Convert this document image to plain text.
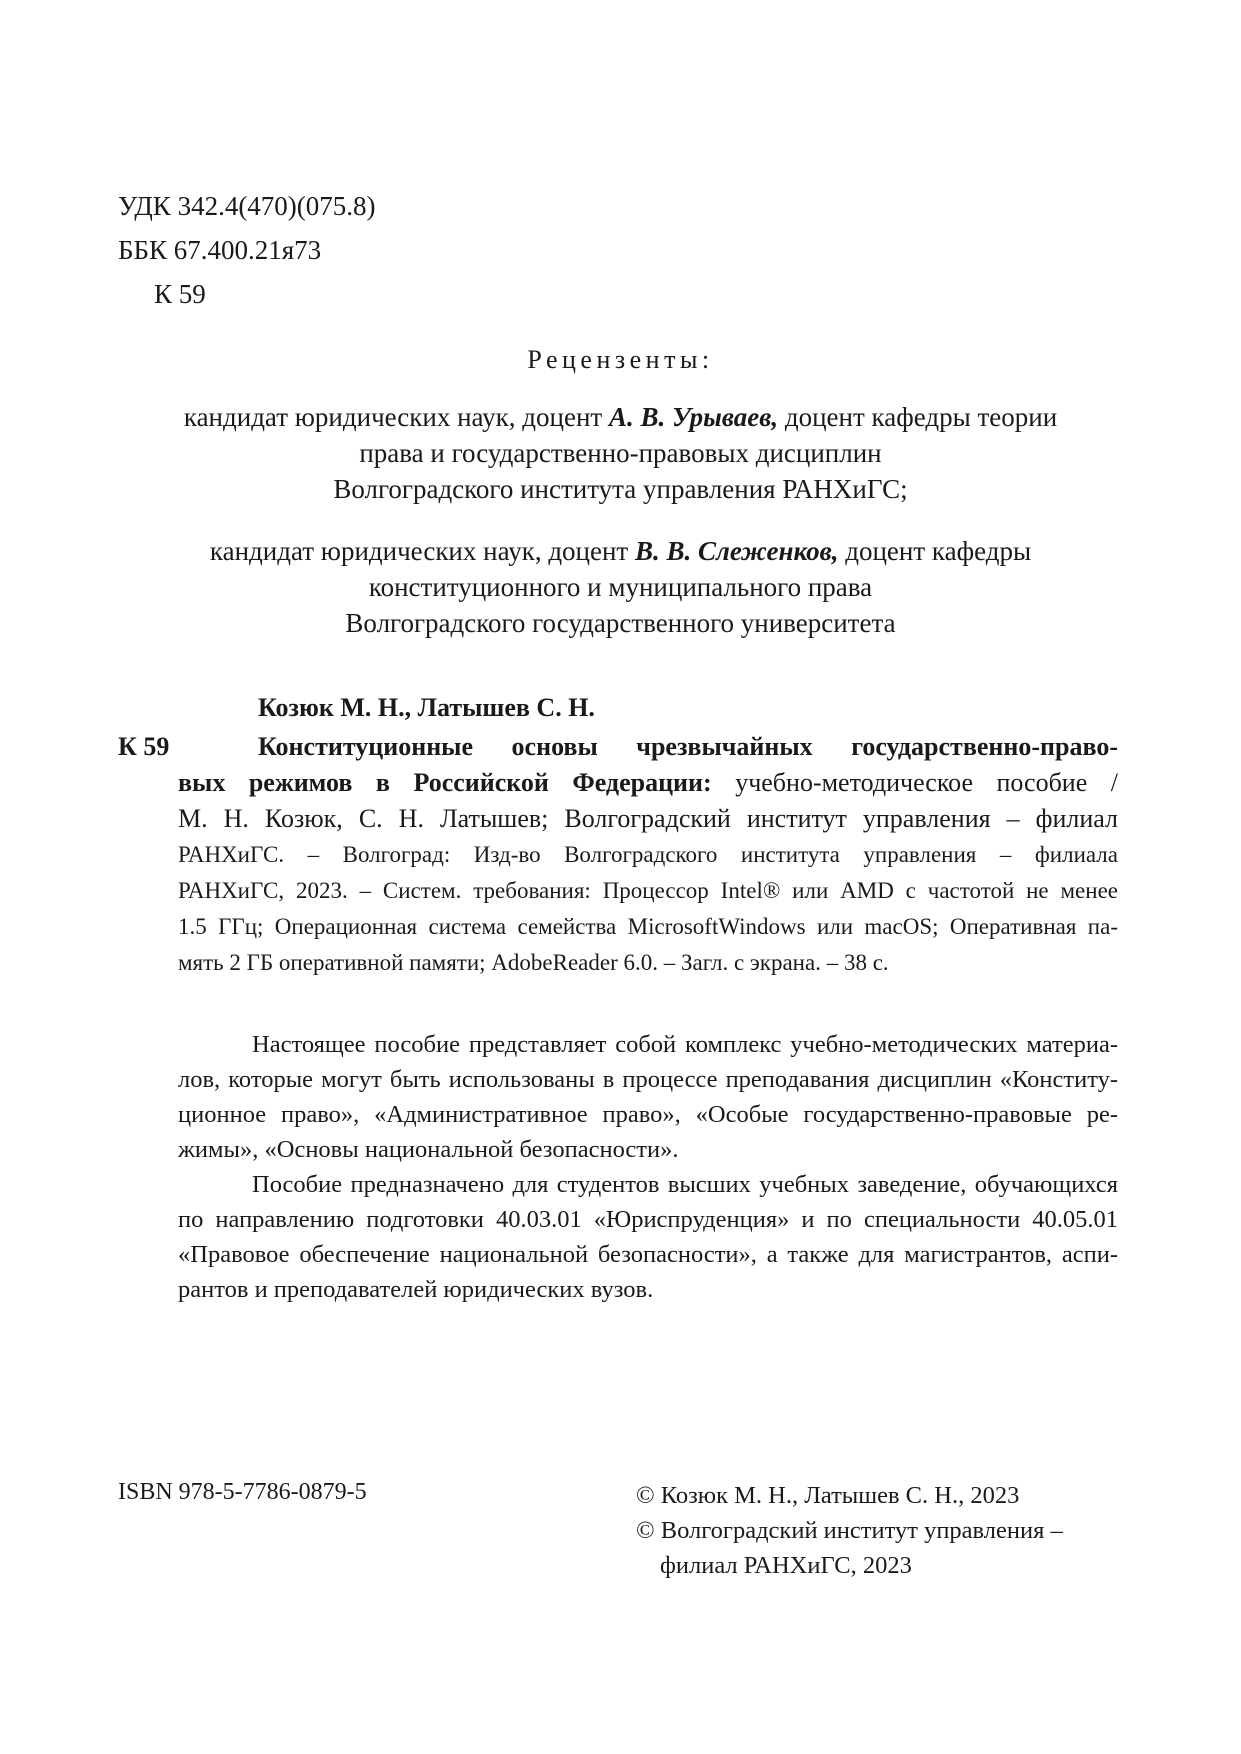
УДК 342.4(470)(075.8)
ББК 67.400.21я73
К 59
Рецензенты:
кандидат юридических наук, доцент А. В. Урываев, доцент кафедры теории
права и государственно-правовых дисциплин
Волгоградского института управления РАНХиГС;
кандидат юридических наук, доцент В. В. Слеженков, доцент кафедры
конституционного и муниципального права
Волгоградского государственного университета
Козюк М. Н., Латышев С. Н.
К 59	Конституционные основы чрезвычайных государственно-право-
вых режимов в Российской Федерации: учебно-методическое пособие /
М. Н. Козюк, С. Н. Латышев; Волгоградский институт управления – филиал
РАНХиГС. – Волгоград: Изд-во Волгоградского института управления – филиала
РАНХиГС, 2023. – Систем. требования: Процессор Intel® или AMD с частотой не менее
1.5 ГГц; Операционная система семейства MicrosoftWindows или macOS; Оперативная па-
мять 2 ГБ оперативной памяти; AdobeReader 6.0. – Загл. с экрана. – 38 с.
Настоящее пособие представляет собой комплекс учебно-методических материа-
лов, которые могут быть использованы в процессе преподавания дисциплин «Конститу-
ционное право», «Административное право», «Особые государственно-правовые ре-
жимы», «Основы национальной безопасности».
Пособие предназначено для студентов высших учебных заведение, обучающихся
по направлению подготовки 40.03.01 «Юриспруденция» и по специальности 40.05.01
«Правовое обеспечение национальной безопасности», а также для магистрантов, аспи-
рантов и преподавателей юридических вузов.
ISBN 978-5-7786-0879-5	© Козюк М. Н., Латышев С. Н., 2023
© Волгоградский институт управления –
филиал РАНХиГС, 2023
